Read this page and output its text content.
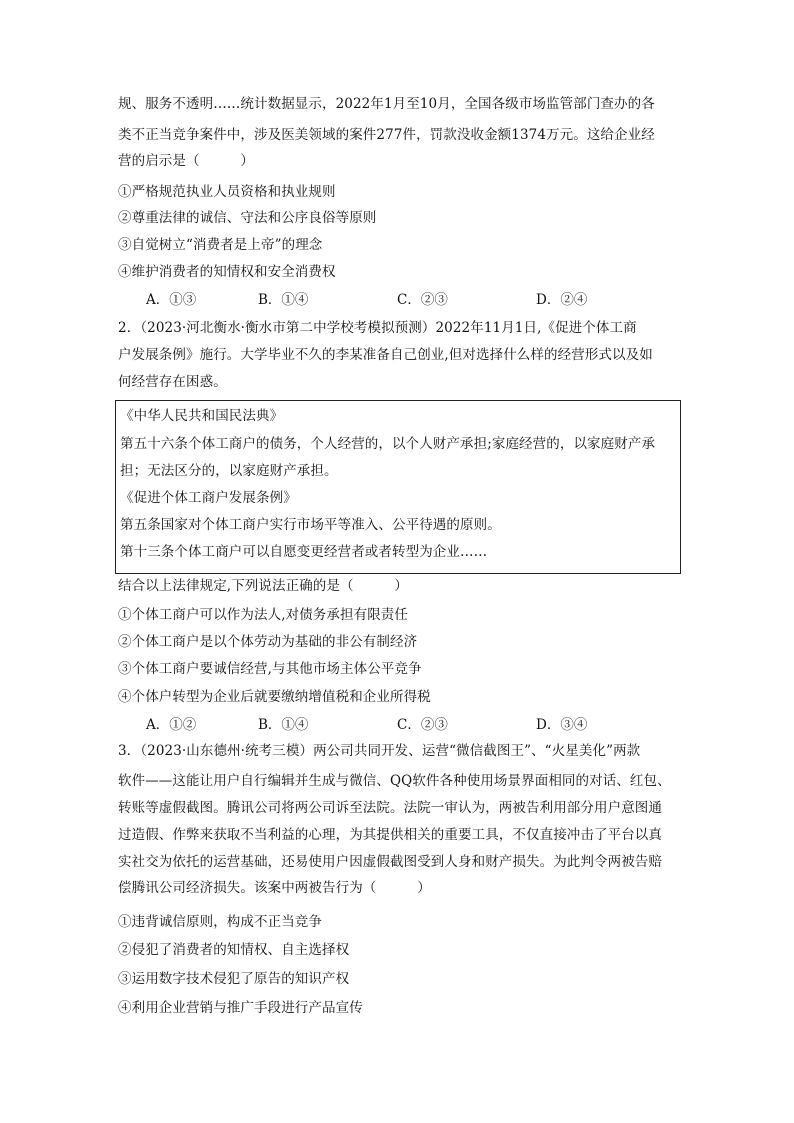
规、服务不透明……统计数据显示，2022年1月至10月，全国各级市场监管部门查办的各
类不正当竞争案件中，涉及医美领域的案件277件，罚款没收金额1374万元。这给企业经
营的启示是（　　　）
①严格规范执业人员资格和执业规则
②尊重法律的诚信、守法和公序良俗等原则
③自觉树立“消费者是上帝”的理念
④维护消费者的知情权和安全消费权
A．①③	B．①④	C．②③	D．②④
2．（2023·河北衡水·衡水市第二中学校考模拟预测）2022年11月1日,《促进个体工商
户发展条例》施行。大学毕业不久的李某准备自己创业,但对选择什么样的经营形式以及如
何经营存在困惑。
《中华人民共和国民法典》
第五十六条个体工商户的债务，个人经营的，以个人财产承担;家庭经营的，以家庭财产承
担；无法区分的，以家庭财产承担。
《促进个体工商户发展条例》
第五条国家对个体工商户实行市场平等准入、公平待遇的原则。
第十三条个体工商户可以自愿变更经营者或者转型为企业……
结合以上法律规定,下列说法正确的是（　　　）
①个体工商户可以作为法人,对债务承担有限责任
②个体工商户是以个体劳动为基础的非公有制经济
③个体工商户要诚信经营,与其他市场主体公平竞争
④个体户转型为企业后就要缴纳增值税和企业所得税
A．①②	B．①④	C．②③	D．③④
3．（2023·山东德州·统考三模）两公司共同开发、运营“微信截图王”、“火星美化”两款
软件——这能让用户自行编辑并生成与微信、QQ软件各种使用场景界面相同的对话、红包、
转账等虚假截图。腾讯公司将两公司诉至法院。法院一审认为，两被告利用部分用户意图通
过造假、作弊来获取不当利益的心理，为其提供相关的重要工具，不仅直接冲击了平台以真
实社交为依托的运营基础，还易使用户因虚假截图受到人身和财产损失。为此判令两被告赔
偿腾讯公司经济损失。该案中两被告行为（　　　）
①违背诚信原则，构成不正当竞争
②侵犯了消费者的知情权、自主选择权
③运用数字技术侵犯了原告的知识产权
④利用企业营销与推广手段进行产品宣传
